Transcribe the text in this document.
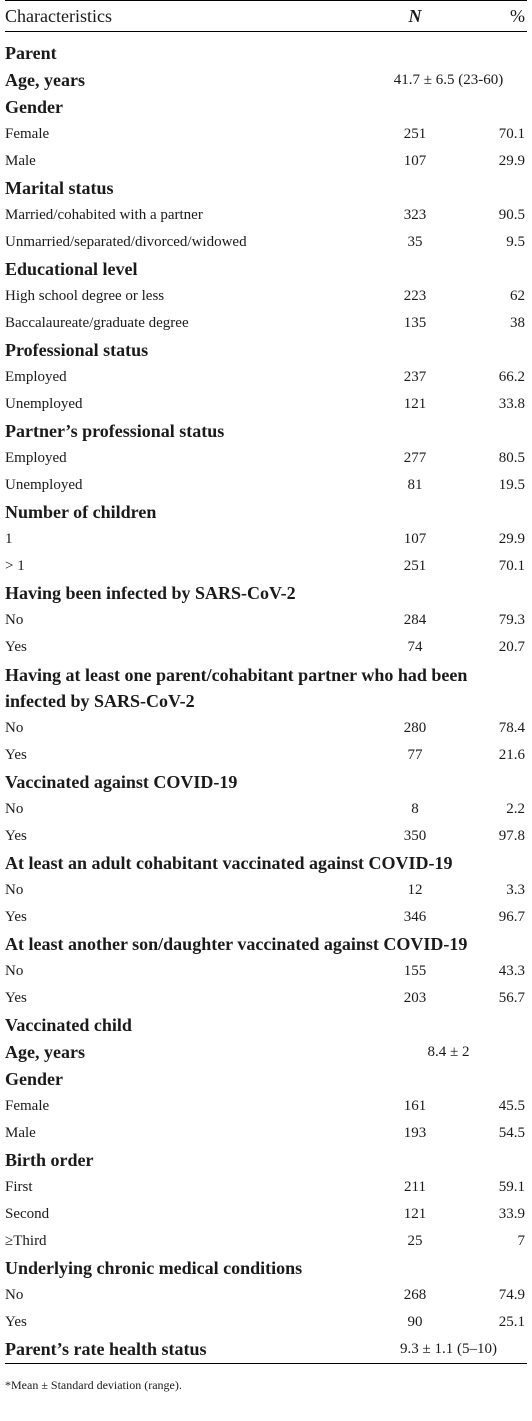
Characteristics	N	%
Parent		
Age, years	41.7 ± 6.5 (23-60)	
Gender		
Female	251	70.1
Male	107	29.9
Marital status		
Married/cohabited with a partner	323	90.5
Unmarried/separated/divorced/widowed	35	9.5
Educational level		
High school degree or less	223	62
Baccalaureate/graduate degree	135	38
Professional status		
Employed	237	66.2
Unemployed	121	33.8
Partner’s professional status		
Employed	277	80.5
Unemployed	81	19.5
Number of children		
1	107	29.9
> 1	251	70.1
Having been infected by SARS-CoV-2		
No	284	79.3
Yes	74	20.7
Having at least one parent/cohabitant partner who had been infected by SARS-CoV-2		
No	280	78.4
Yes	77	21.6
Vaccinated against COVID-19		
No	8	2.2
Yes	350	97.8
At least an adult cohabitant vaccinated against COVID-19		
No	12	3.3
Yes	346	96.7
At least another son/daughter vaccinated against COVID-19		
No	155	43.3
Yes	203	56.7
Vaccinated child		
Age, years	8.4 ± 2	
Gender		
Female	161	45.5
Male	193	54.5
Birth order		
First	211	59.1
Second	121	33.9
≥Third	25	7
Underlying chronic medical conditions		
No	268	74.9
Yes	90	25.1
Parent’s rate health status	9.3 ± 1.1 (5–10)	
*Mean ± Standard deviation (range).
